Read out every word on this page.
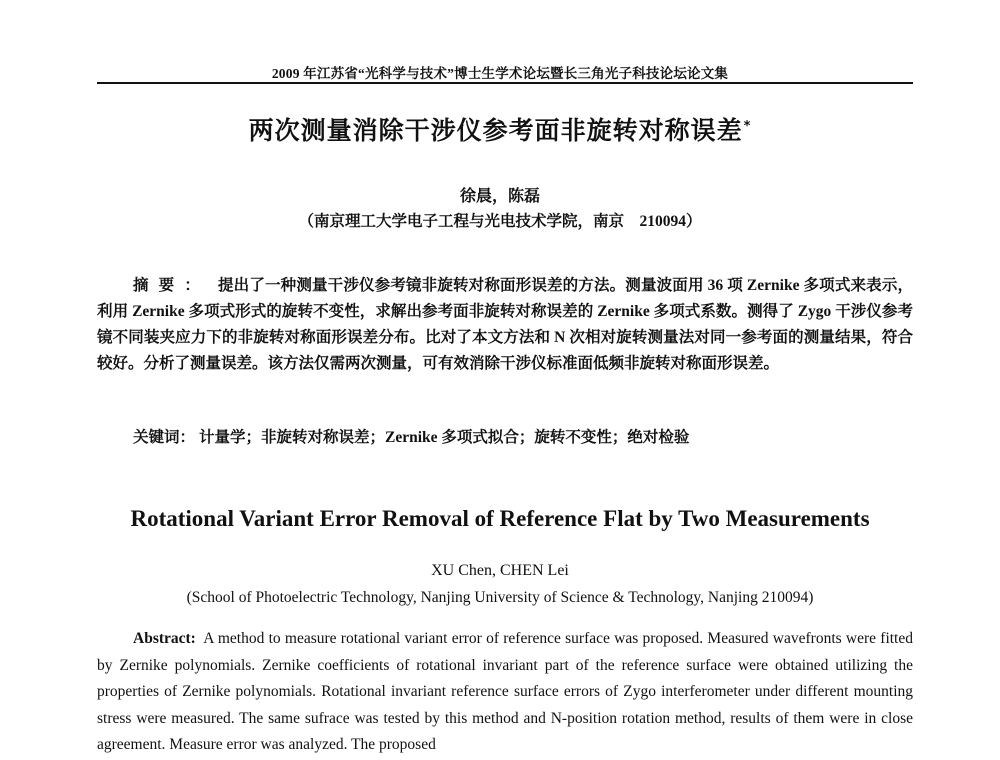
2009 年江苏省“光科学与技术”博士生学术论坛暨长三角光子科技论坛论文集
两次测量消除干涉仪参考面非旋转对称误差*
徐晨，陈磊
（南京理工大学电子工程与光电技术学院，南京　210094）

摘要： 提出了一种测量干涉仪参考镜非旋转对称面形误差的方法。测量波面用 36 项 Zernike 多项式来表示，利用 Zernike 多项式形式的旋转不变性，求解出参考面非旋转对称误差的 Zernike 多项式系数。测得了 Zygo 干涉仪参考镜不同装夹应力下的非旋转对称面形误差分布。比对了本文方法和 N 次相对旋转测量法对同一参考面的测量结果，符合较好。分析了测量误差。该方法仅需两次测量，可有效消除干涉仪标准面低频非旋转对称面形误差。

关键词： 计量学；非旋转对称误差；Zernike 多项式拟合；旋转不变性；绝对检验
Rotational Variant Error Removal of Reference Flat by Two Measurements
XU Chen, CHEN Lei
(School of Photoelectric Technology, Nanjing University of Science & Technology, Nanjing 210094)

Abstract: A method to measure rotational variant error of reference surface was proposed. Measured wavefronts were fitted by Zernike polynomials. Zernike coefficients of rotational invariant part of the reference surface were obtained utilizing the properties of Zernike polynomials. Rotational invariant reference surface errors of Zygo interferometer under different mounting stress were measured. The same sufrace was tested by this method and N-position rotation method, results of them were in close agreement. Measure error was analyzed. The proposed
